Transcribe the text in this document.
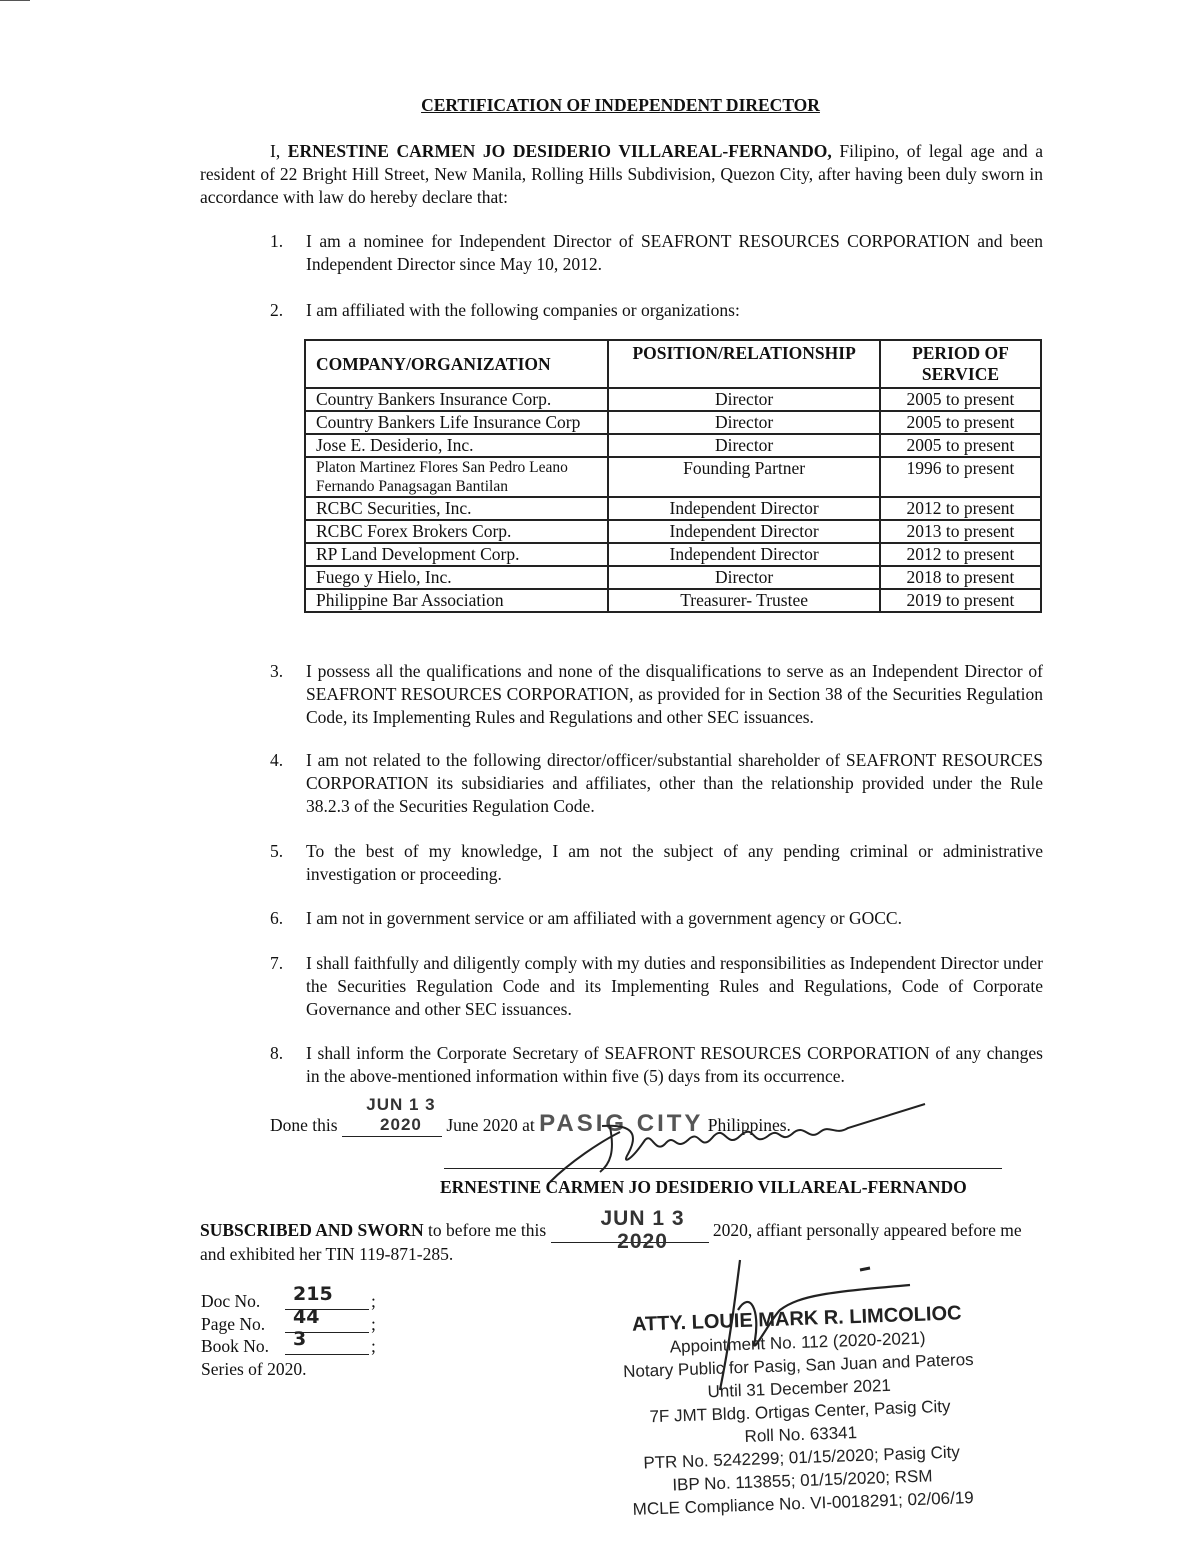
CERTIFICATION OF INDEPENDENT DIRECTOR
I, ERNESTINE CARMEN JO DESIDERIO VILLAREAL-FERNANDO, Filipino, of legal age and a resident of 22 Bright Hill Street, New Manila, Rolling Hills Subdivision, Quezon City, after having been duly sworn in accordance with law do hereby declare that:
1.	I am a nominee for Independent Director of SEAFRONT RESOURCES CORPORATION and been Independent Director since May 10, 2012.
2.	I am affiliated with the following companies or organizations:
COMPANY/ORGANIZATION	POSITION/RELATIONSHIP	PERIOD OF SERVICE
Country Bankers Insurance Corp.	Director	2005 to present
Country Bankers Life Insurance Corp	Director	2005 to present
Jose E. Desiderio, Inc.	Director	2005 to present
Platon Martinez Flores San Pedro Leano Fernando Panagsagan Bantilan	Founding Partner	1996 to present
RCBC Securities, Inc.	Independent Director	2012 to present
RCBC Forex Brokers Corp.	Independent Director	2013 to present
RP Land Development Corp.	Independent Director	2012 to present
Fuego y Hielo, Inc.	Director	2018 to present
Philippine Bar Association	Treasurer- Trustee	2019 to present
3.	I possess all the qualifications and none of the disqualifications to serve as an Independent Director of SEAFRONT RESOURCES CORPORATION, as provided for in Section 38 of the Securities Regulation Code, its Implementing Rules and Regulations and other SEC issuances.
4.	I am not related to the following director/officer/substantial shareholder of SEAFRONT RESOURCES CORPORATION its subsidiaries and affiliates, other than the relationship provided under the Rule 38.2.3 of the Securities Regulation Code.
5.	To the best of my knowledge, I am not the subject of any pending criminal or administrative investigation or proceeding.
6.	I am not in government service or am affiliated with a government agency or GOCC.
7.	I shall faithfully and diligently comply with my duties and responsibilities as Independent Director under the Securities Regulation Code and its Implementing Rules and Regulations, Code of Corporate Governance and other SEC issuances.
8.	I shall inform the Corporate Secretary of SEAFRONT RESOURCES CORPORATION of any changes in the above-mentioned information within five (5) days from its occurrence.
Done this
JUN 1 3 2020	June 2020 at PASIG CITY Philippines.
ERNESTINE CARMEN JO DESIDERIO VILLAREAL-FERNANDO
SUBSCRIBED AND SWORN to before me this	JUN 1 3 2020	2020, affiant personally appeared before me and exhibited her TIN 119-871-285.
Doc No. 215 ;
Page No. 44	;
Book No. 3	;
Series of 2020.
ATTY. LOUIE MARK R. LIMCOLIOC
Appointment No. 112 (2020-2021)
Notary Public for Pasig, San Juan and Pateros
Until 31 December 2021
7F JMT Bldg. Ortigas Center, Pasig City
Roll No. 63341
PTR No. 5242299; 01/15/2020; Pasig City
IBP No. 113855; 01/15/2020; RSM
MCLE Compliance No. VI-0018291; 02/06/19
